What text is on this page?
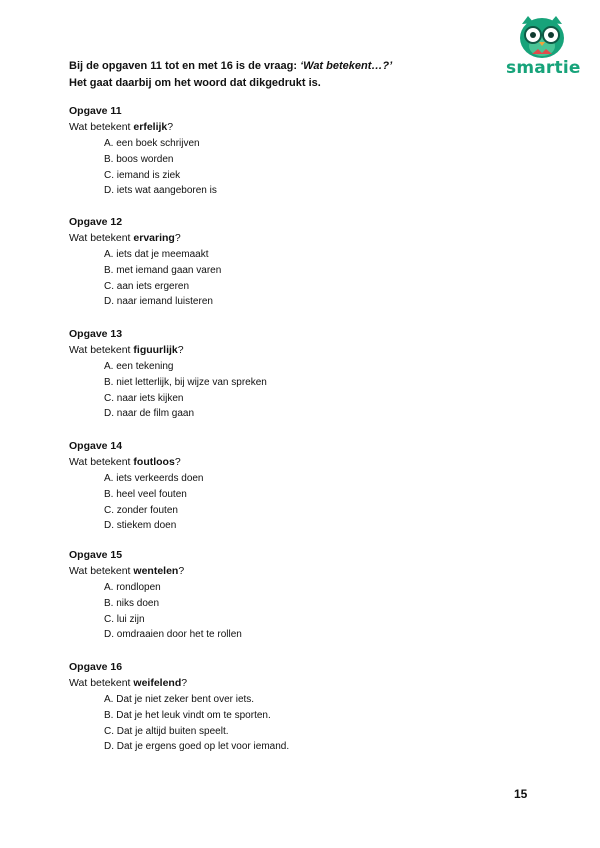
smartie
Bij de opgaven 11 tot en met 16 is de vraag: ‘Wat betekent…?’
Het gaat daarbij om het woord dat dikgedrukt is.
Opgave 11
Wat betekent erfelijk?
A. een boek schrijven
B. boos worden
C. iemand is ziek
D. iets wat aangeboren is
Opgave 12
Wat betekent ervaring?
A. iets dat je meemaakt
B. met iemand gaan varen
C. aan iets ergeren
D. naar iemand luisteren
Opgave 13
Wat betekent figuurlijk?
A. een tekening
B. niet letterlijk, bij wijze van spreken
C. naar iets kijken
D. naar de film gaan
Opgave 14
Wat betekent foutloos?
A. iets verkeerds doen
B. heel veel fouten
C. zonder fouten
D. stiekem doen
Opgave 15
Wat betekent wentelen?
A. rondlopen
B. niks doen
C. lui zijn
D. omdraaien door het te rollen
Opgave 16
Wat betekent weifelend?
A. Dat je niet zeker bent over iets.
B. Dat je het leuk vindt om te sporten.
C. Dat je altijd buiten speelt.
D. Dat je ergens goed op let voor iemand.
15
